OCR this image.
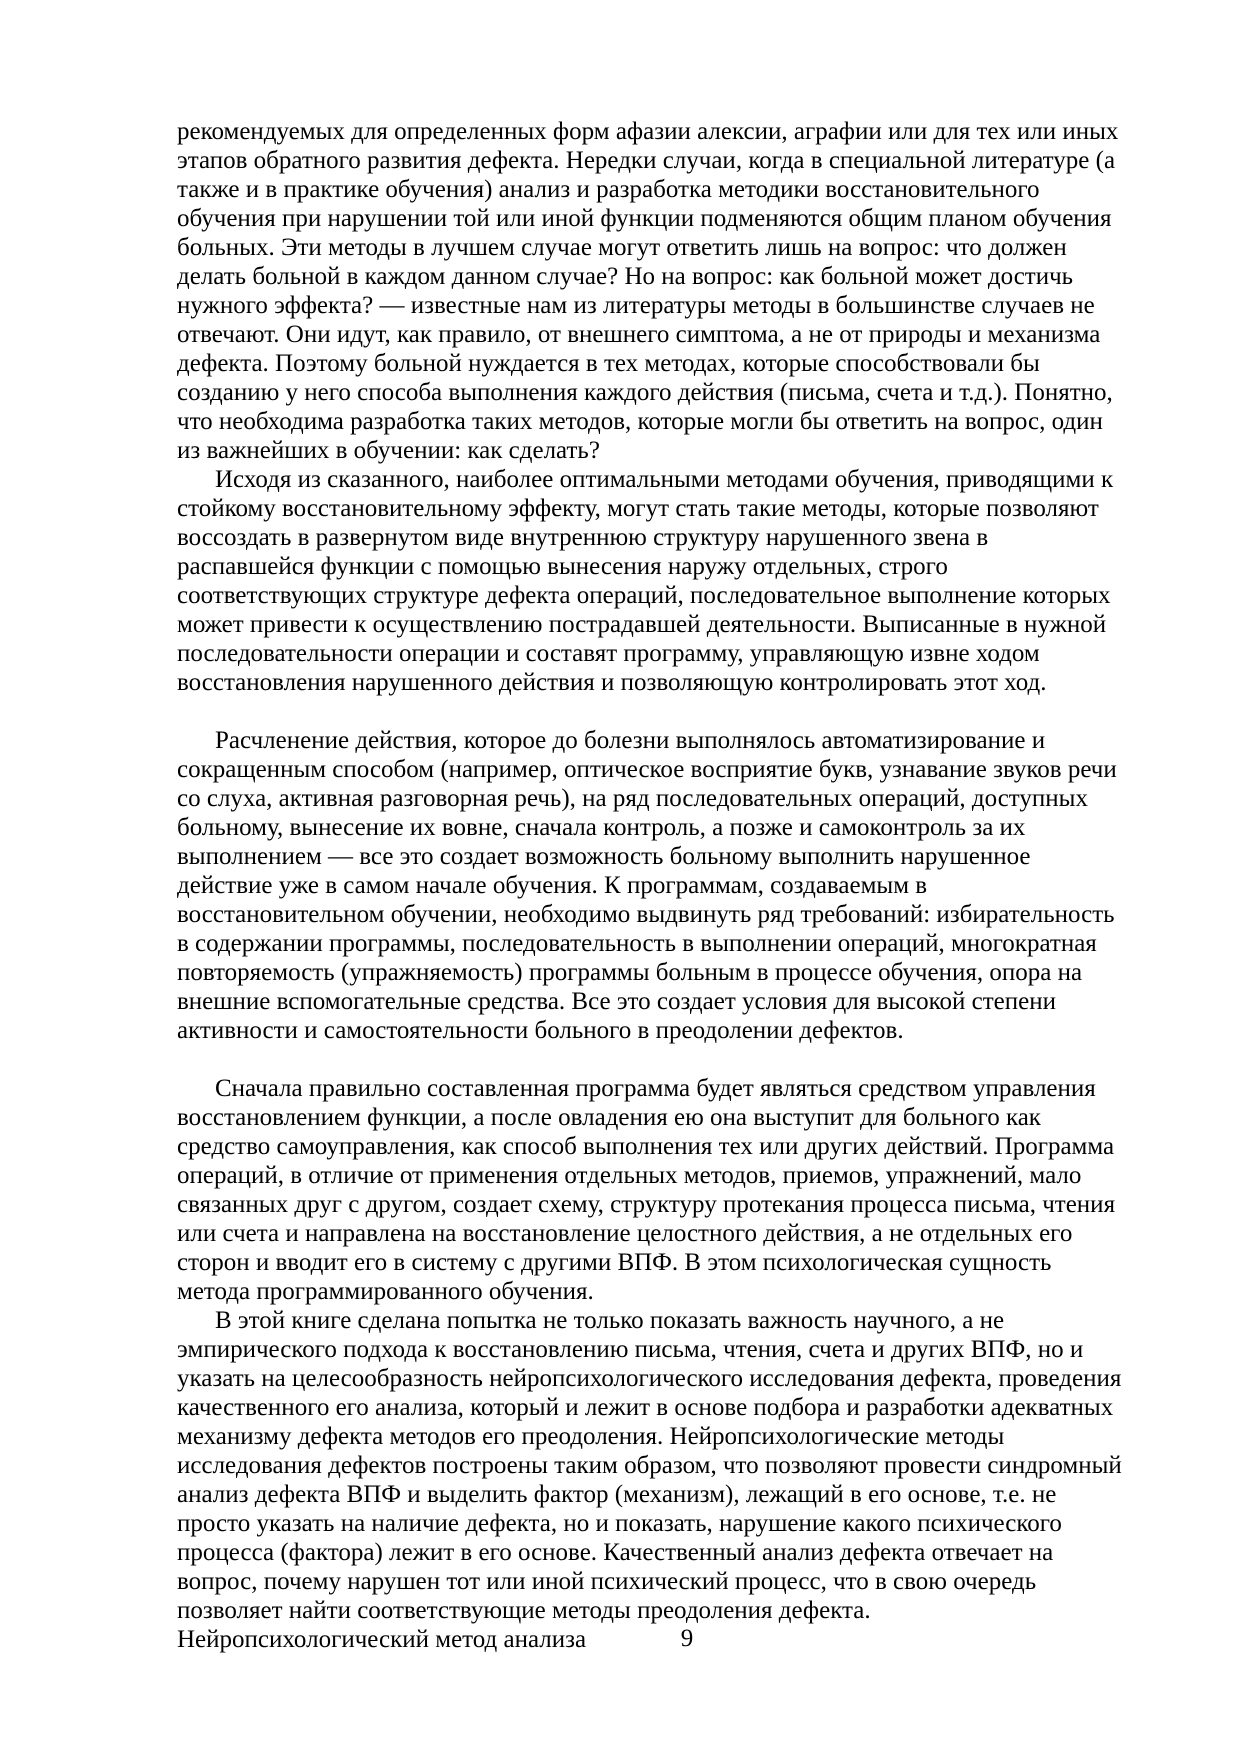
рекомендуемых для определенных форм афазии алексии, аграфии или для тех или иных этапов обратного развития дефекта. Нередки случаи, когда в специальной литературе (а также и в практике обучения) анализ и разработка методики восстановительного обучения при нарушении той или иной функции подменяются общим планом обучения больных. Эти методы в лучшем случае могут ответить лишь на вопрос: что должен делать больной в каждом данном случае? Но на вопрос: как больной может достичь нужного эффекта? — известные нам из литературы методы в большинстве случаев не отвечают. Они идут, как правило, от внешнего симптома, а не от природы и механизма дефекта. Поэтому больной нуждается в тех методах, которые способствовали бы созданию у него способа выполнения каждого действия (письма, счета и т.д.). Понятно, что необходима разработка таких методов, которые могли бы ответить на вопрос, один из важнейших в обучении: как сделать?

Исходя из сказанного, наиболее оптимальными методами обучения, приводящими к стойкому восстановительному эффекту, могут стать такие методы, которые позволяют воссоздать в развернутом виде внутреннюю структуру нарушенного звена в распавшейся функции с помощью вынесения наружу отдельных, строго соответствующих структуре дефекта операций, последовательное выполнение которых может привести к осуществлению пострадавшей деятельности. Выписанные в нужной последовательности операции и составят программу, управляющую извне ходом восстановления нарушенного действия и позволяющую контролировать этот ход.

Расчленение действия, которое до болезни выполнялось автоматизирование и сокращенным способом (например, оптическое восприятие букв, узнавание звуков речи со слуха, активная разговорная речь), на ряд последовательных операций, доступных больному, вынесение их вовне, сначала контроль, а позже и самоконтроль за их выполнением — все это создает возможность больному выполнить нарушенное действие уже в самом начале обучения. К программам, создаваемым в восстановительном обучении, необходимо выдвинуть ряд требований: избирательность в содержании программы, последовательность в выполнении операций, многократная повторяемость (упражняемость) программы больным в процессе обучения, опора на внешние вспомогательные средства. Все это создает условия для высокой степени активности и самостоятельности больного в преодолении дефектов.

Сначала правильно составленная программа будет являться средством управления восстановлением функции, а после овладения ею она выступит для больного как средство самоуправления, как способ выполнения тех или других действий. Программа операций, в отличие от применения отдельных методов, приемов, упражнений, мало связанных друг с другом, создает схему, структуру протекания процесса письма, чтения или счета и направлена на восстановление целостного действия, а не отдельных его сторон и вводит его в систему с другими ВПФ. В этом психологическая сущность метода программированного обучения.

В этой книге сделана попытка не только показать важность научного, а не эмпирического подхода к восстановлению письма, чтения, счета и других ВПФ, но и указать на целесообразность нейропсихологического исследования дефекта, проведения качественного его анализа, который и лежит в основе подбора и разработки адекватных механизму дефекта методов его преодоления. Нейропсихологические методы исследования дефектов построены таким образом, что позволяют провести синдромный анализ дефекта ВПФ и выделить фактор (механизм), лежащий в его основе, т.е. не просто указать на наличие дефекта, но и показать, нарушение какого психического процесса (фактора) лежит в его основе. Качественный анализ дефекта отвечает на вопрос, почему нарушен тот или иной психический процесс, что в свою очередь позволяет найти соответствующие методы преодоления дефекта. Нейропсихологический метод анализа	9
